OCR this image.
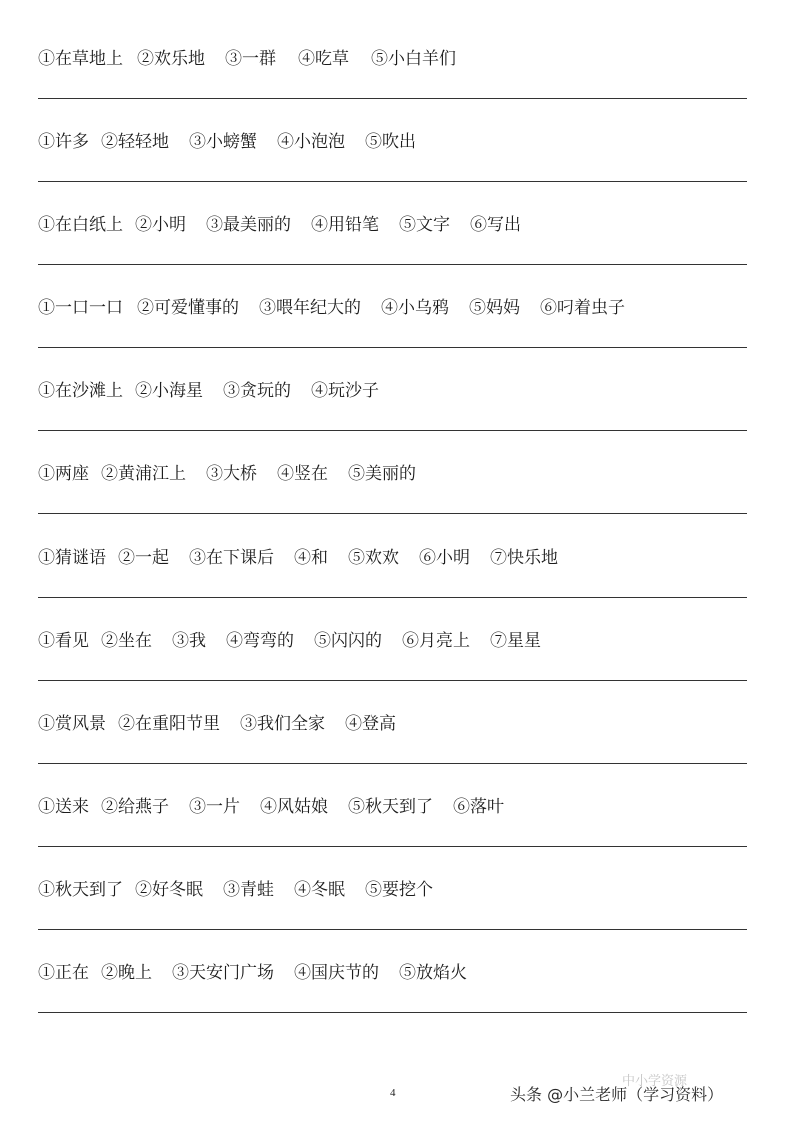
①在草地上 ②欢乐地 ③一群 ④吃草 ⑤小白羊们
①许多 ②轻轻地 ③小螃蟹 ④小泡泡 ⑤吹出
①在白纸上 ②小明 ③最美丽的 ④用铅笔 ⑤文字 ⑥写出
①一口一口 ②可爱懂事的 ③喂年纪大的 ④小乌鸦 ⑤妈妈 ⑥叼着虫子
①在沙滩上 ②小海星 ③贪玩的 ④玩沙子
①两座 ②黄浦江上 ③大桥 ④竖在 ⑤美丽的
①猜谜语 ②一起 ③在下课后 ④和 ⑤欢欢 ⑥小明 ⑦快乐地
①看见 ②坐在 ③我 ④弯弯的 ⑤闪闪的 ⑥月亮上 ⑦星星
①赏风景 ②在重阳节里 ③我们全家 ④登高
①送来 ②给燕子 ③一片 ④风姑娘 ⑤秋天到了 ⑥落叶
①秋天到了 ②好冬眠 ③青蛙 ④冬眠 ⑤要挖个
①正在 ②晚上 ③天安门广场 ④国庆节的 ⑤放焰火
4
中小学资源
头条 @小兰老师（学习资料）
